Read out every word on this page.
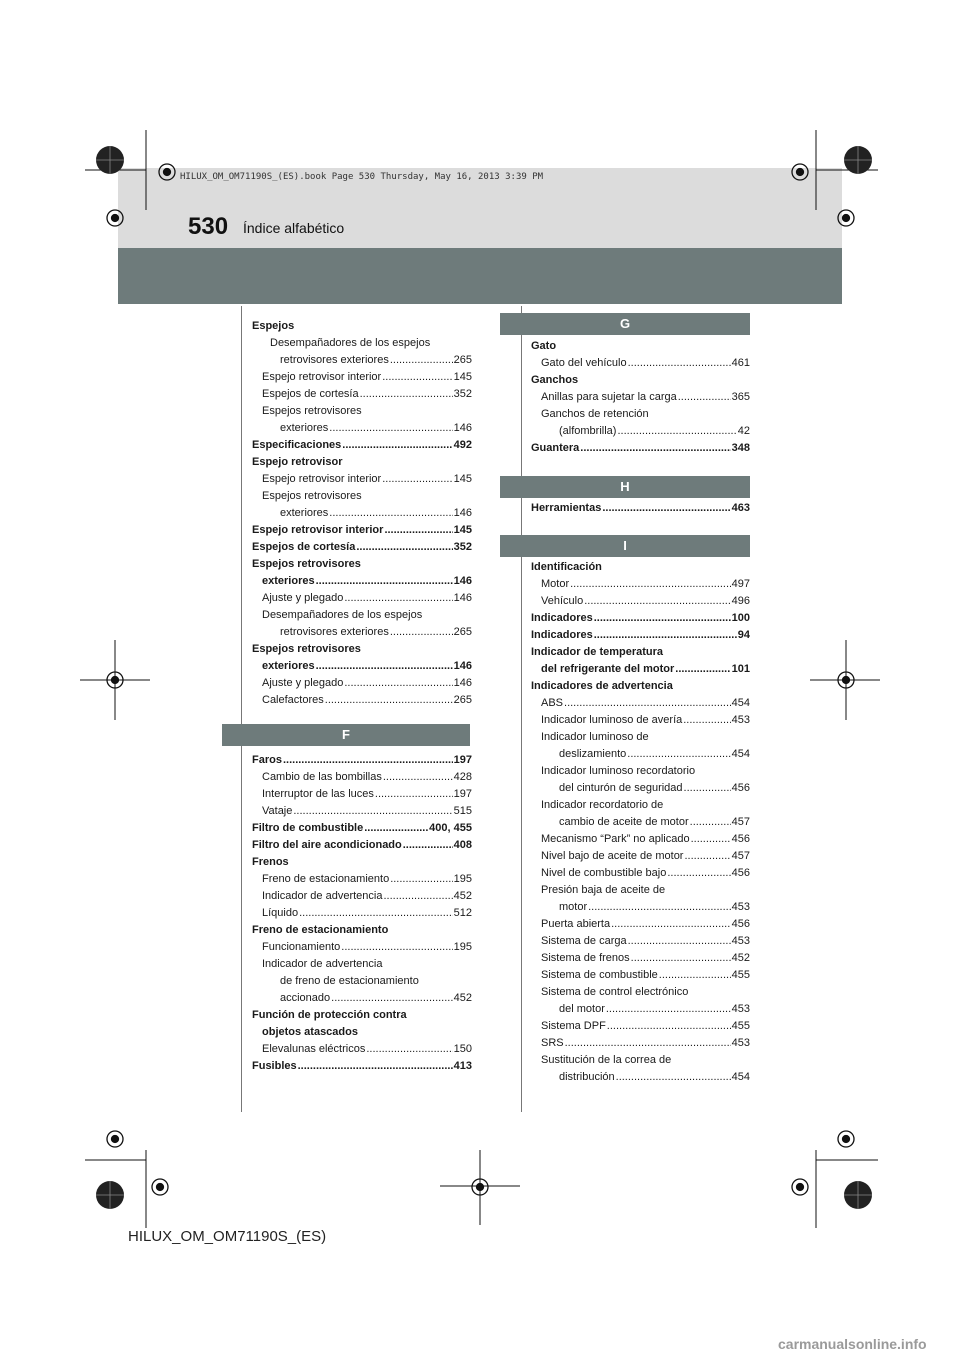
530 Índice alfabético
HILUX_OM_OM71190S_(ES).book Page 530 Thursday, May 16, 2013 3:39 PM
Espejos
Desempañadores de los espejos
retrovisores exteriores .....	265
Espejo retrovisor interior .....	145
Espejos de cortesía .....	352
Espejos retrovisores
exteriores .....	146
Especificaciones .....	492
Espejo retrovisor
Espejo retrovisor interior .....	145
Espejos retrovisores
exteriores .....	146
Espejo retrovisor interior .....	145
Espejos de cortesía .....	352
Espejos retrovisores
exteriores .....	146
Ajuste y plegado .....	146
Desempañadores de los espejos
retrovisores exteriores .....	265
Espejos retrovisores
exteriores .....	146
Ajuste y plegado .....	146
Calefactores .....	265
F
Faros .....	197
Cambio de las bombillas .....	428
Interruptor de las luces .....	197
Vataje .....	515
Filtro de combustible .....	400, 455
Filtro del aire acondicionado .....	408
Frenos
Freno de estacionamiento .....	195
Indicador de advertencia .....	452
Líquido .....	512
Freno de estacionamiento
Funcionamiento .....	195
Indicador de advertencia
de freno de estacionamiento
accionado .....	452
Función de protección contra
objetos atascados
Elevalunas eléctricos .....	150
Fusibles .....	413
G
Gato
Gato del vehículo .....	461
Ganchos
Anillas para sujetar la carga .....	365
Ganchos de retención
(alfombrilla) .....	42
Guantera .....	348
H
Herramientas .....	463
I
Identificación
Motor .....	497
Vehículo .....	496
Indicadores .....	100
Indicadores .....	94
Indicador de temperatura
del refrigerante del motor .....	101
Indicadores de advertencia
ABS .....	454
Indicador luminoso de avería .....	453
Indicador luminoso de
deslizamiento .....	454
Indicador luminoso recordatorio
del cinturón de seguridad .....	456
Indicador recordatorio de
cambio de aceite de motor .....	457
Mecanismo “Park” no aplicado .....	456
Nivel bajo de aceite de motor .....	457
Nivel de combustible bajo .....	456
Presión baja de aceite de
motor .....	453
Puerta abierta .....	456
Sistema de carga .....	453
Sistema de frenos .....	452
Sistema de combustible .....	455
Sistema de control electrónico
del motor .....	453
Sistema DPF .....	455
SRS .....	453
Sustitución de la correa de
distribución .....	454
HILUX_OM_OM71190S_(ES)
carmanualsonline.info
